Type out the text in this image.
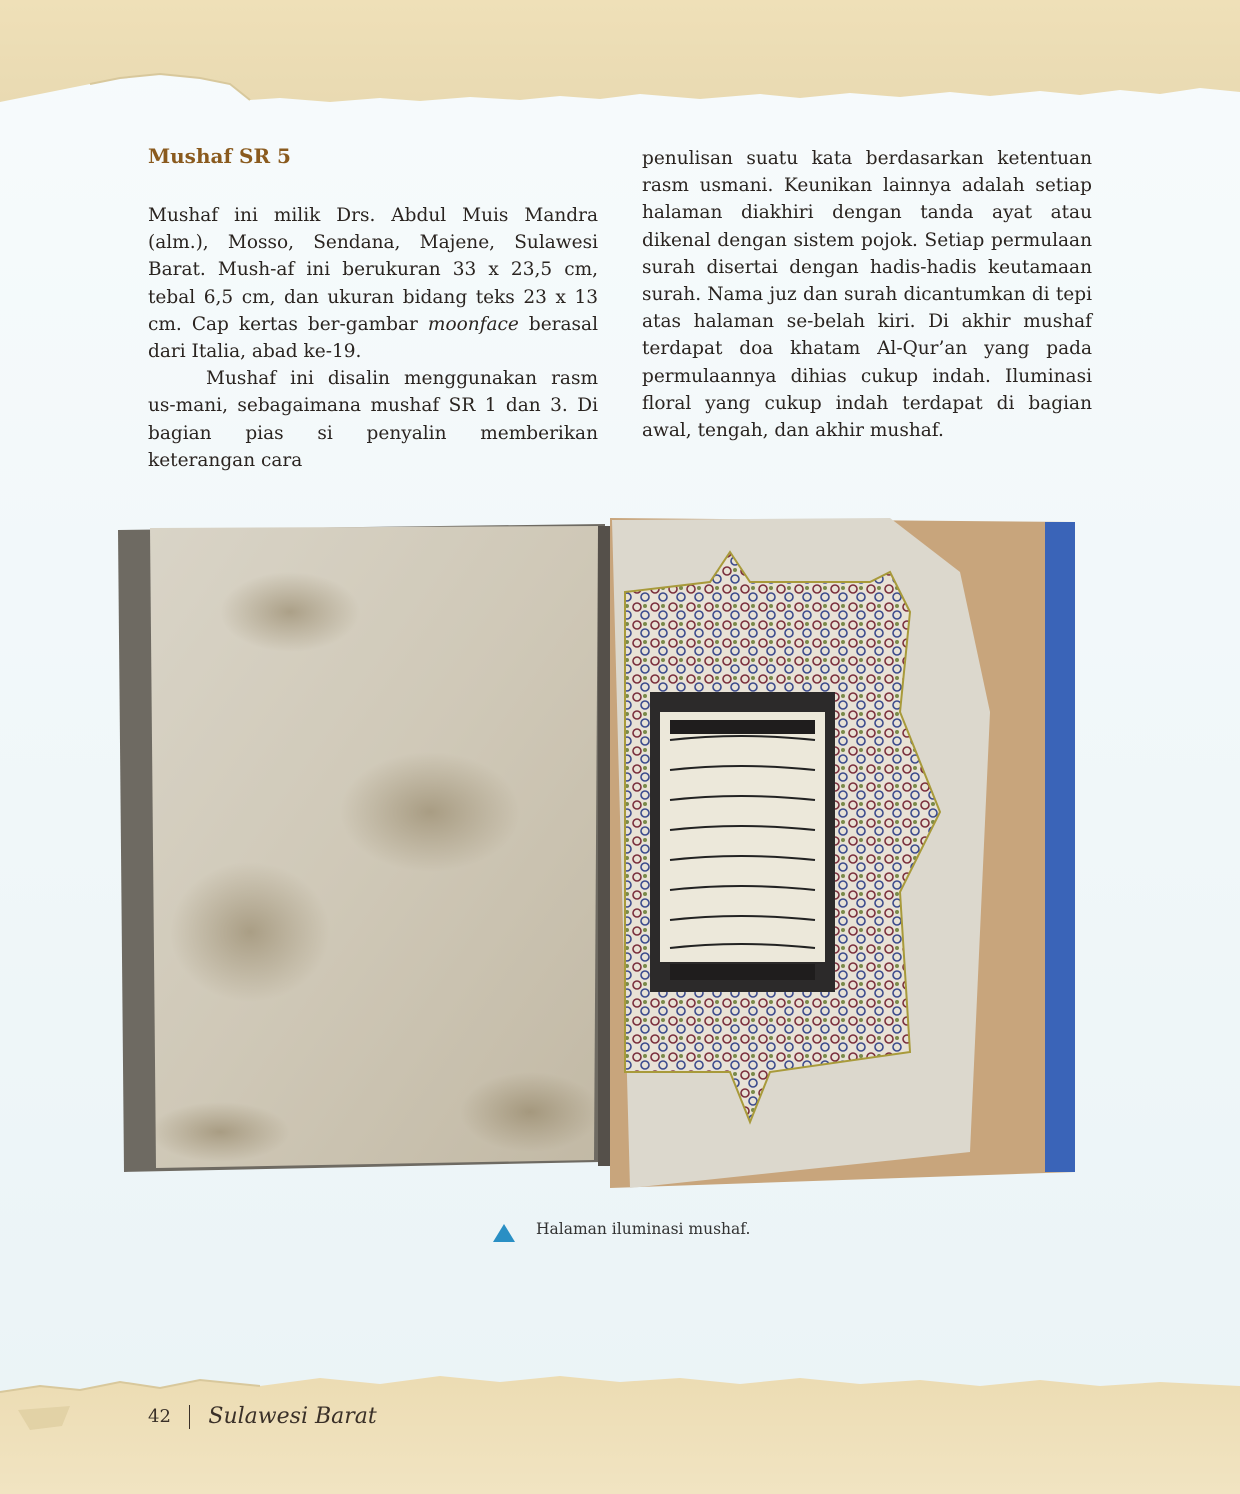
Mushaf SR 5

Mushaf ini milik Drs. Abdul Muis Mandra (alm.), Mosso, Sendana, Majene, Sulawesi Barat. Mush-af ini berukuran 33 x 23,5 cm, tebal 6,5 cm, dan ukuran bidang teks 23 x 13 cm. Cap kertas ber-gambar moonface berasal dari Italia, abad ke-19.

Mushaf ini disalin menggunakan rasm us-mani, sebagaimana mushaf SR 1 dan 3. Di bagian pias si penyalin memberikan keterangan cara

penulisan suatu kata berdasarkan ketentuan rasm usmani. Keunikan lainnya adalah setiap halaman diakhiri dengan tanda ayat atau dikenal dengan sistem pojok. Setiap permulaan surah disertai dengan hadis-hadis keutamaan surah. Nama juz dan surah dicantumkan di tepi atas halaman se-belah kiri. Di akhir mushaf terdapat doa khatam Al-Qur’an yang pada permulaannya dihias cukup indah. Iluminasi floral yang cukup indah terdapat di bagian awal, tengah, dan akhir mushaf.

Halaman iluminasi mushaf.
42 Sulawesi Barat
